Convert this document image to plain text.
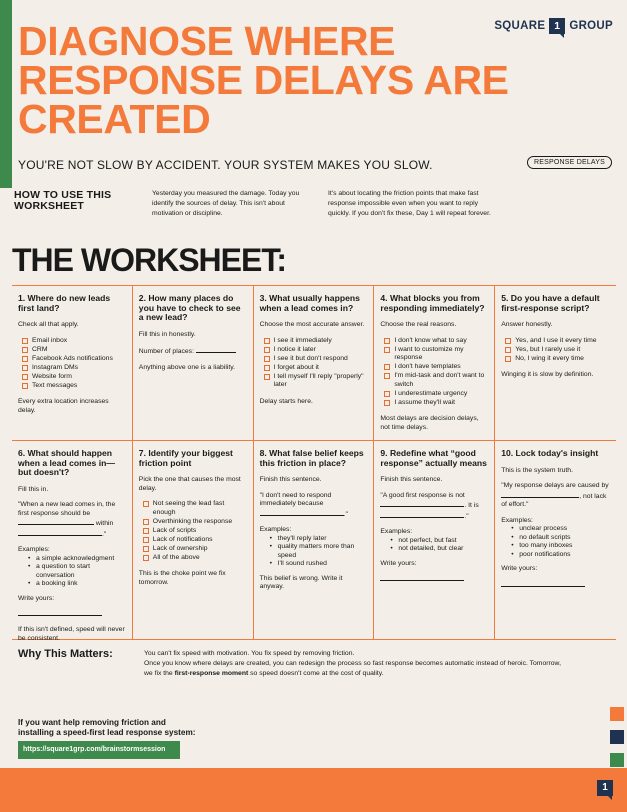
SQUARE 1 GROUP
DIAGNOSE WHERE
RESPONSE DELAYS ARE
CREATED
YOU'RE NOT SLOW BY ACCIDENT. YOUR SYSTEM MAKES YOU SLOW.	RESPONSE DELAYS
HOW TO USE THIS
WORKSHEET
Yesterday you measured the damage. Today you identify the sources of delay. This isn't about motivation or discipline.
It's about locating the friction points that make fast response impossible even when you want to reply quickly. If you don't fix these, Day 1 will repeat forever.
THE WORKSHEET:
1. Where do new leads first land?

Check all that apply.

Email inbox
CRM
Facebook Ads notifications
Instagram DMs
Website form
Text messages

Every extra location increases delay.

2. How many places do you have to check to see a new lead?

Fill this in honestly.

Number of places:

Anything above one is a liability.

3. What usually happens when a lead comes in?

Choose the most accurate answer.

I see it immediately
I notice it later
I see it but don't respond
I forget about it
I tell myself I'll reply "properly" later

Delay starts here.

4. What blocks you from responding immediately?

Choose the real reasons.

I don't know what to say
I want to customize my response
I don't have templates
I'm mid-task and don't want to switch
I underestimate urgency
I assume they'll wait

Most delays are decision delays, not time delays.

5. Do you have a default first-response script?

Answer honestly.

Yes, and I use it every time
Yes, but I rarely use it
No, I wing it every time

Winging it is slow by definition.

6. What should happen when a lead comes in—but doesn't?

Fill this in.

"When a new lead comes in, the first response should be  within ."

Examples:
• a simple acknowledgment
• a question to start conversation
• a booking link

Write yours:

If this isn't defined, speed will never be consistent.

7. Identify your biggest friction point

Pick the one that causes the most delay.

Not seeing the lead fast enough
Overthinking the response
Lack of scripts
Lack of notifications
Lack of ownership
All of the above

This is the choke point we fix tomorrow.

8. What false belief keeps this friction in place?

Finish this sentence.

"I don't need to respond immediately because ."

Examples:
• they'll reply later
• quality matters more than speed
• I'll sound rushed

This belief is wrong. Write it anyway.

9. Redefine what “good response” actually means

Finish this sentence.

"A good first response is not . It is ."

Examples:
• not perfect, but fast
• not detailed, but clear

Write yours:

10. Lock today's insight

This is the system truth.

"My response delays are caused by , not lack of effort."

Examples:
• unclear process
• no default scripts
• too many inboxes
• poor notifications

Write yours:

Why This Matters:	You can't fix speed with motivation. You fix speed by removing friction.
Once you know where delays are created, you can redesign the process so fast response becomes automatic instead of heroic. Tomorrow, we fix the first-response moment so speed doesn't come at the cost of quality.
If you want help removing friction and
installing a speed-first lead response system:
https://square1grp.com/brainstormsession
1
